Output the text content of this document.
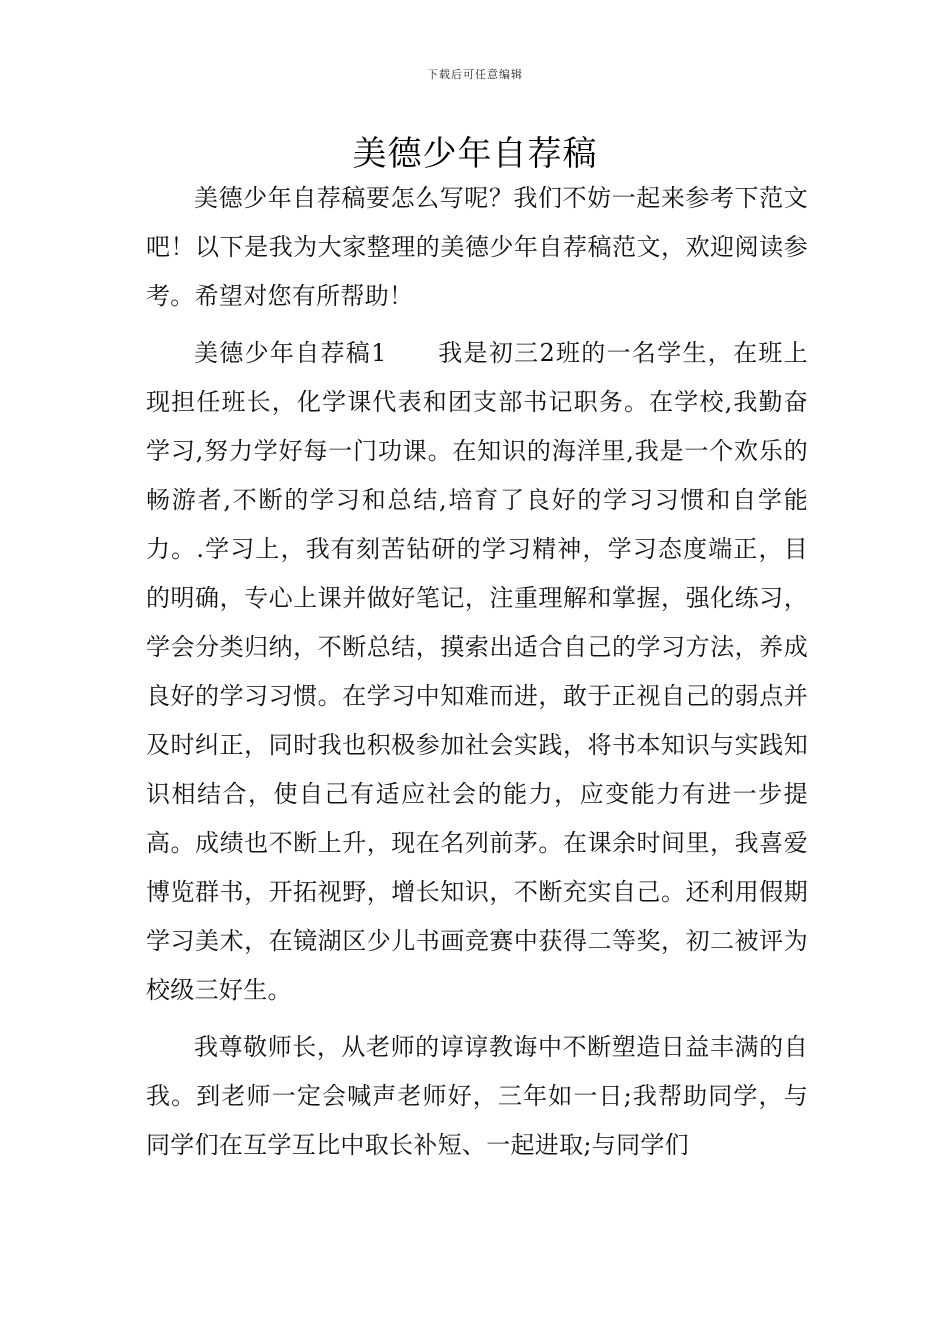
下载后可任意编辑
美德少年自荐稿

美德少年自荐稿要怎么写呢？我们不妨一起来参考下范文吧！以下是我为大家整理的美德少年自荐稿范文，欢迎阅读参考。希望对您有所帮助！

美德少年自荐稿1　　我是初三2班的一名学生，在班上现担任班长，化学课代表和团支部书记职务。在学校,我勤奋学习,努力学好每一门功课。在知识的海洋里,我是一个欢乐的畅游者,不断的学习和总结,培育了良好的学习习惯和自学能力。.学习上，我有刻苦钻研的学习精神，学习态度端正，目的明确，专心上课并做好笔记，注重理解和掌握，强化练习，学会分类归纳，不断总结，摸索出适合自己的学习方法，养成良好的学习习惯。在学习中知难而进，敢于正视自己的弱点并及时纠正，同时我也积极参加社会实践，将书本知识与实践知识相结合，使自己有适应社会的能力，应变能力有进一步提高。成绩也不断上升，现在名列前茅。在课余时间里，我喜爱博览群书，开拓视野，增长知识，不断充实自己。还利用假期学习美术，在镜湖区少儿书画竞赛中获得二等奖，初二被评为校级三好生。

我尊敬师长，从老师的谆谆教诲中不断塑造日益丰满的自我。到老师一定会喊声老师好，三年如一日;我帮助同学，与同学们在互学互比中取长补短、一起进取;与同学们
